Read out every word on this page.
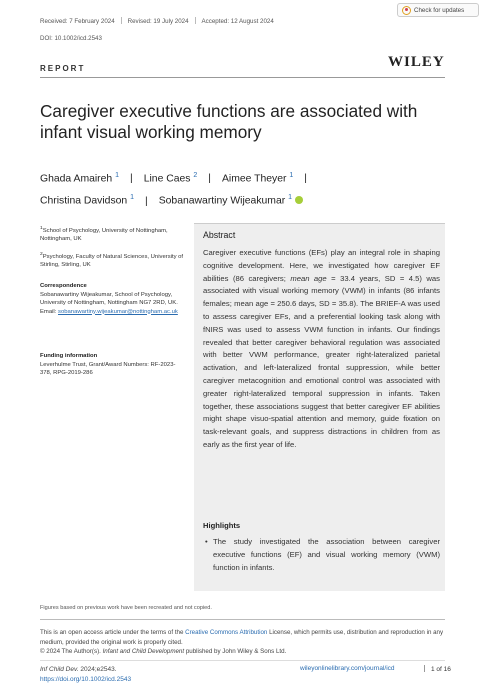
Received: 7 February 2024 Revised: 19 July 2024 Accepted: 12 August 2024
DOI: 10.1002/icd.2543
Check for updates
REPORT	WILEY
Caregiver executive functions are associated with infant visual working memory
Ghada Amaireh $^1$ | Line Caes $^2$ | Aimee Theyer $^1$ |
Christina Davidson $^1$ | Sobanawartiny Wijeakumar $^1$
$^1$School of Psychology, University of Nottingham, Nottingham, UK
$^2$Psychology, Faculty of Natural Sciences, University of Stirling, Stirling, UK
Correspondence
Sobanawartiny Wijeakumar, School of Psychology, University of Nottingham, Nottingham NG7 2RD, UK.
Email: sobanawartiny.wijeakumar@nottingham.ac.uk
Funding information
Leverhulme Trust, Grant/Award Numbers: RF-2023-378, RPG-2019-286
Abstract
Caregiver executive functions (EFs) play an integral role in shaping cognitive development. Here, we investigated how caregiver EF abilities (86 caregivers; mean age = 33.4 years, SD = 4.5) was associated with visual working memory (VWM) in infants (86 infants females; mean age = 250.6 days, SD = 35.8). The BRIEF-A was used to assess caregiver EFs, and a preferential looking task along with fNIRS was used to assess VWM function in infants. Our findings revealed that better caregiver behavioral regulation was associated with better VWM performance, greater right-lateralized parietal activation, and left-lateralized frontal suppression, while better caregiver metacognition and emotional control was associated with greater right-lateralized temporal suppression in infants. Taken together, these associations suggest that better caregiver EF abilities might shape visuo-spatial attention and memory, guide fixation on task-relevant goals, and suppress distractions in children from as early as the first year of life.
Highlights
• The study investigated the association between caregiver executive functions (EF) and visual working memory (VWM) function in infants.
Figures based on previous work have been recreated and not copied.
This is an open access article under the terms of the Creative Commons Attribution License, which permits use, distribution and reproduction in any medium, provided the original work is properly cited.
© 2024 The Author(s). Infant and Child Development published by John Wiley & Sons Ltd.
Inf Child Dev. 2024;e2543.
https://doi.org/10.1002/icd.2543
wileyonlinelibrary.com/journal/icd	1 of 16
